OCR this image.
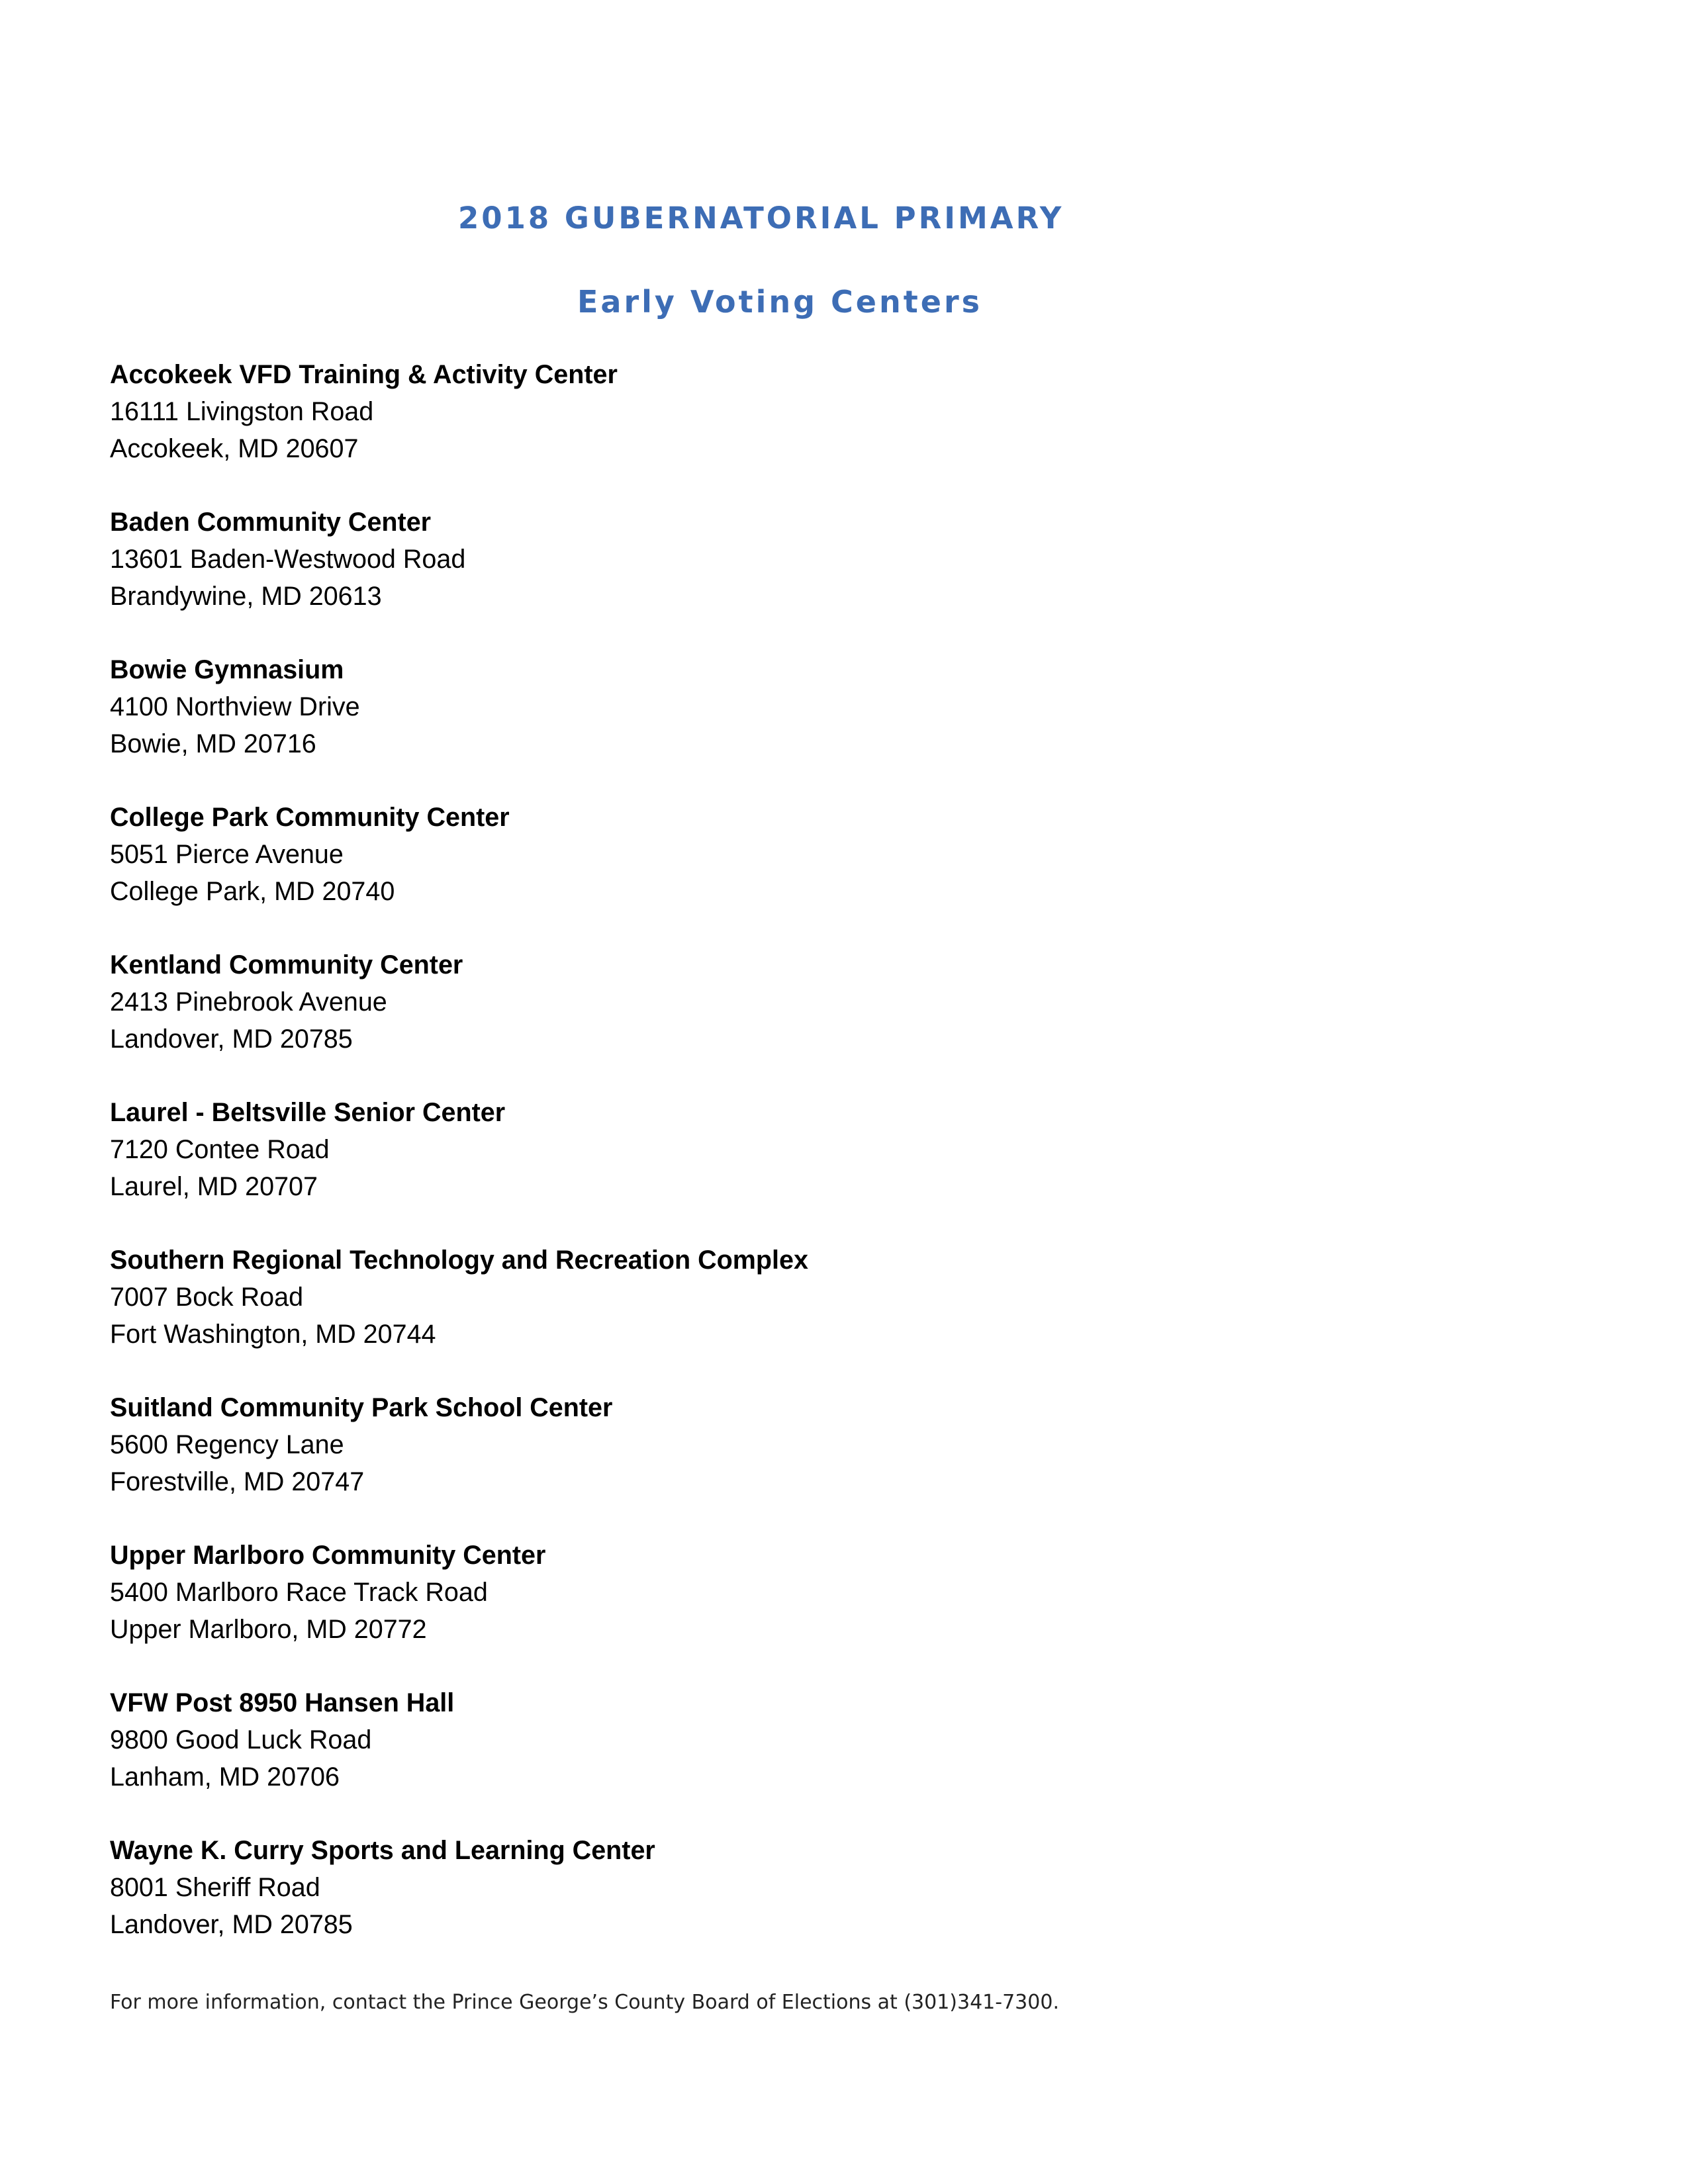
2018 GUBERNATORIAL PRIMARY
Early Voting Centers
Accokeek VFD Training & Activity Center
16111 Livingston Road
Accokeek, MD 20607
Baden Community Center
13601 Baden-Westwood Road
Brandywine, MD 20613
Bowie Gymnasium
4100 Northview Drive
Bowie, MD 20716
College Park Community Center
5051 Pierce Avenue
College Park, MD 20740
Kentland Community Center
2413 Pinebrook Avenue
Landover, MD 20785
Laurel - Beltsville Senior Center
7120 Contee Road
Laurel, MD 20707
Southern Regional Technology and Recreation Complex
7007 Bock Road
Fort Washington, MD 20744
Suitland Community Park School Center
5600 Regency Lane
Forestville, MD 20747
Upper Marlboro Community Center
5400 Marlboro Race Track Road
Upper Marlboro, MD 20772
VFW Post 8950 Hansen Hall
9800 Good Luck Road
Lanham, MD 20706
Wayne K. Curry Sports and Learning Center
8001 Sheriff Road
Landover, MD 20785

For more information, contact the Prince George’s County Board of Elections at (301)341-7300.
